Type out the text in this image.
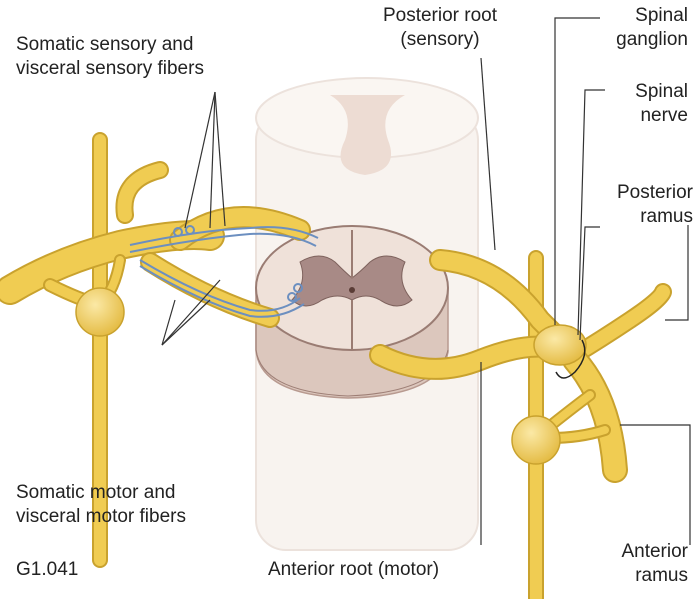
Somatic sensory and
visceral sensory fibers
Posterior root
(sensory)
Spinal
ganglion
Spinal
nerve
Posterior
ramus
Somatic motor and
visceral motor fibers
G1.041	Anterior root (motor)
Anterior
ramus
